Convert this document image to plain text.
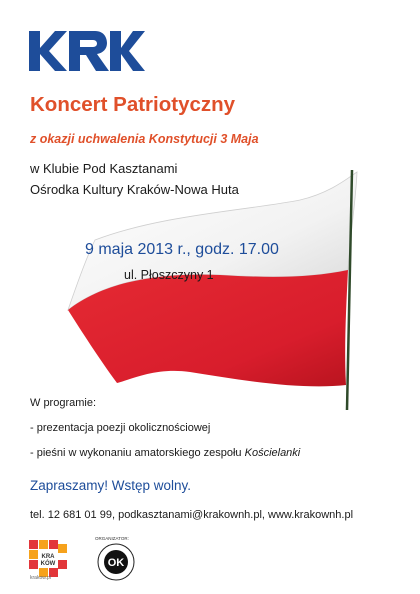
Koncert Patriotyczny
z okazji uchwalenia Konstytucji 3 Maja
w Klubie Pod Kasztanami
Ośrodka Kultury Kraków-Nowa Huta
9 maja 2013 r., godz. 17.00
ul. Płoszczyny 1
W programie:
- prezentacja poezji okolicznościowej
- pieśni w wykonaniu amatorskiego zespołu Kościelanki
Zapraszamy! Wstęp wolny.
tel. 12 681 01 99, podkasztanami@krakownh.pl, www.krakownh.pl
KRA
KÓW
krakow.pl
ORGANIZATOR:
OK
